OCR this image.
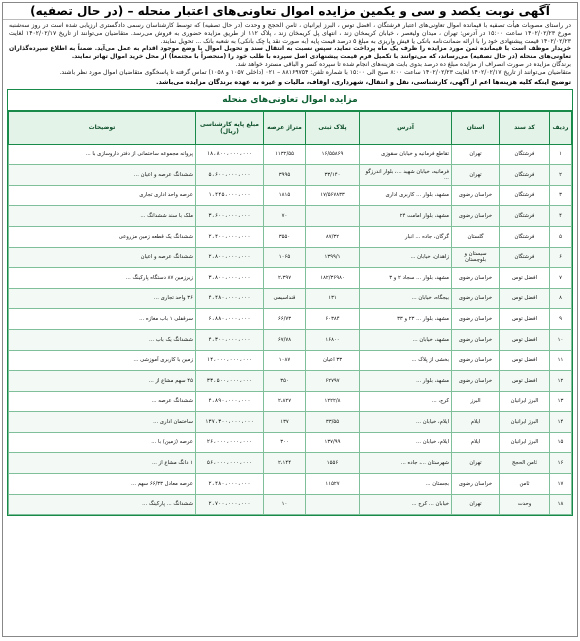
آگهی نوبت یکصد و سی و یکمین مزایده اموال تعاونی‌های اعتبار منحله – (در حال تصفیه)

در راستای مصوبات هیأت تصفیه با قیمانده اموال تعاونی‌های اعتبار فرشتگان ، افضل توس ، البرز ایرانیان ، ثامن الحجج و وحدت (در حال تصفیه) که توسط کارشناسان رسمی دادگستری ارزیابی شده است در روز سه‌شنبه مورخ ۱۴۰۲/۰۲/۲۳ ساعت ۱۵:۰۰ در آدرس: تهران ، میدان ولیعصر ، خیابان کریمخان زند ، انتهای پل کریمخان زند ، پلاک ۱۱۲ از طریق مزایده حضوری به فروش می‌رسد. متقاضیان می‌توانند از تاریخ ۱۴۰۲/۰۲/۱۷ لغایت ۱۴۰۲/۰۲/۲۳ قیمت پیشنهادی خود را با ارائه ضمانت‌نامه بانکی یا فیش واریزی به مبلغ ۵ درصد قیمت پایه (به صورت نقد یا چک بانکی) به شعبه بانک ... تحویل نمایند.

خریدار موظف است با قیمانده ثمن مورد مزایده را ظرف یک ماه پرداخت نماید، سپس نسبت به انتقال سند و تحویل اموال با وضع موجود اقدام به عمل می‌آید. ضمناً به اطلاع سپرده‌گذاران تعاونی‌های منحله (در حال تصفیه) می‌رساند، که می‌توانند با تکمیل فرم قیمت پیشنهادی اصل سپرده با طلب خود را (منحصراً با مجتمعاً) از محل خرید اموال تهاتر نمایند.

برندگان مزایده در صورت انصراف از مزایده مبلغ ده درصد بدوی بابت هزینه‌های انجام شده تا سپرده کسر و الباقی مسترد خواهد شد.

متقاضیان می‌توانند از تاریخ ۱۴۰۲/۰۲/۱۷ لغایت ۱۴۰۲/۰۲/۲۳ ساعت ۸:۰۰ صبح الی ۱۵:۰۰ با شماره تلفن: ۸۸۱۶۹۷۵۴ – ۰۲۱ (داخلی ۱۰۵۷ و ۱۰۵۸) تماس گرفته تا پاسخگوی متقاضیان اموال مورد نظر باشند.

توضیح اینکه کلیه هزینه‌ها اعم از آگهی، کارشناسی، نقل و انتقال، شهرداری، اوقاف، مالیات و غیره به عهده برندگان مزایده می‌باشد.
مزایده اموال تعاونی‌های منحله
ردیف	کد سند	استان	آدرس	پلاک ثبتی	متراژ عرصه	مبلغ پایه کارشناسی (ریال)	توضیحات
۱	فرشتگان	تهران	تقاطع فرمانیه و خیابان سقوزی	۱۶/۵۵۸۶۹	۱۱۳۲/۵۵	۱۸،۸۰۰،۰۰۰،۰۰۰	پروانه مجموعه ساختمانی از دفتر داروسازی با ...
۲	فرشتگان	تهران	فرمانیه، خیابان شهید ...، بلوار اندرزگو ...	۳۳/۱۴۰	۳۹۹۵	۵،۶۰۰،۰۰۰،۰۰۰	ششدانگ عرصه و اعیان ...
۳	فرشتگان	خراسان رضوی	مشهد، بلوار ... کاربری اداری	۱۷/۵۶۷۸۳۳	۱۸۱۵	۱،۴۴۵،۰۰۰،۰۰۰	عرصه واحد اداری تجاری
۴	فرشتگان	خراسان رضوی	مشهد، بلوار امامت ۲۴		۷۰	۳،۶۰۰،۰۰۰،۰۰۰	ملک با سند ششدانگ ...
۵	فرشتگان	گلستان	گرگان، جاده ... انبار	۸۷/۳۲	۳۵۵۰	۲،۴۰۰،۰۰۰،۰۰۰	ششدانگ یک قطعه زمین مزروعی
۶	فرشتگان	سیستان و بلوچستان	زاهدان، خیابان ...	۱۳۹۹/۱	۱۰۶۵	۲،۸۰۰،۰۰۰،۰۰۰	ششدانگ عرصه و اعیان
۷	افضل توس	خراسان رضوی	مشهد، بلوار ... سجاد ۲ و ۳	۱۸۲/۳۶۹۸۰	۲،۳۹۷	۳،۸۰۰،۰۰۰،۰۰۰	زیرزمین ۸۷ دستگاه پارکینگ ...
۸	افضل توس	خراسان رضوی	بیجگاه، خیابان ...	۱۳۱	قنداسیمی	۴،۴۸۰،۰۰۰،۰۰۰	۳۶ واحد تجاری ...
۹	افضل توس	خراسان رضوی	مشهد، بلوار ... ۲۳ و ۳۳	۶۰۳۸۴	۶۶/۷۳	۶،۸۸۰،۰۰۰،۰۰۰	سرقفلی ۱ باب مغازه ...
۱۰	افضل توس	خراسان رضوی	مشهد، خیابان ...	۱۶۸۰۰	۶۷/۷۸	۴،۳۰۰،۰۰۰،۰۰۰	ششدانگ یک باب ...
۱۱	افضل توس	خراسان رضوی	بخشی از پلاک ...	۳۳ اعیان	۱۰۸۷	۱۴،۰۰۰،۰۰۰،۰۰۰	زمین با کاربری آموزشی ...
۱۲	افضل توس	خراسان رضوی	مشهد، بلوار ...	۶۲۷۹۷	۳۵۰	۳۳،۵۰۰،۰۰۰،۰۰۰	۴۵ سهم مشاع از ...
۱۳	البرز ایرانیان	البرز	کرج، ...	۱۲۲۲/۸	۲،۸۲۷	۴،۸۹۰،۰۰۰،۰۰۰	ششدانگ عرصه ...
۱۴	البرز ایرانیان	ایلام	ایلام، خیابان ...	۳۳/۵۵	۱۳۷	۱۳۷،۳۰۰،۰۰۰،۰۰۰	ساختمان اداری ...
۱۵	البرز ایرانیان	ایلام	ایلام، خیابان ...	۱۳۷/۹۹	۳۰۰	۲۶،۰۰۰،۰۰۰،۰۰۰	عرصه (زمین) با ...
۱۶	ثامن الحجج	تهران	شهرستان ...، جاده ...	۱۵۵۶	۲،۱۴۴	۵۶،۰۰۰،۰۰۰،۰۰۰	۱ دانگ مشاع از ...
۱۷	ثامن	خراسان رضوی	بجستان ...	۱۱۵۲۷		۲،۴۸۰،۰۰۰،۰۰۰	عرصه معادل ۶۶/۳۳ سهم ...
۱۸	وحدت	تهران	خیابان ... کرج ...		۱۰	۲،۷۰۰،۰۰۰،۰۰۰	ششدانگ ... پارکینگ ...
